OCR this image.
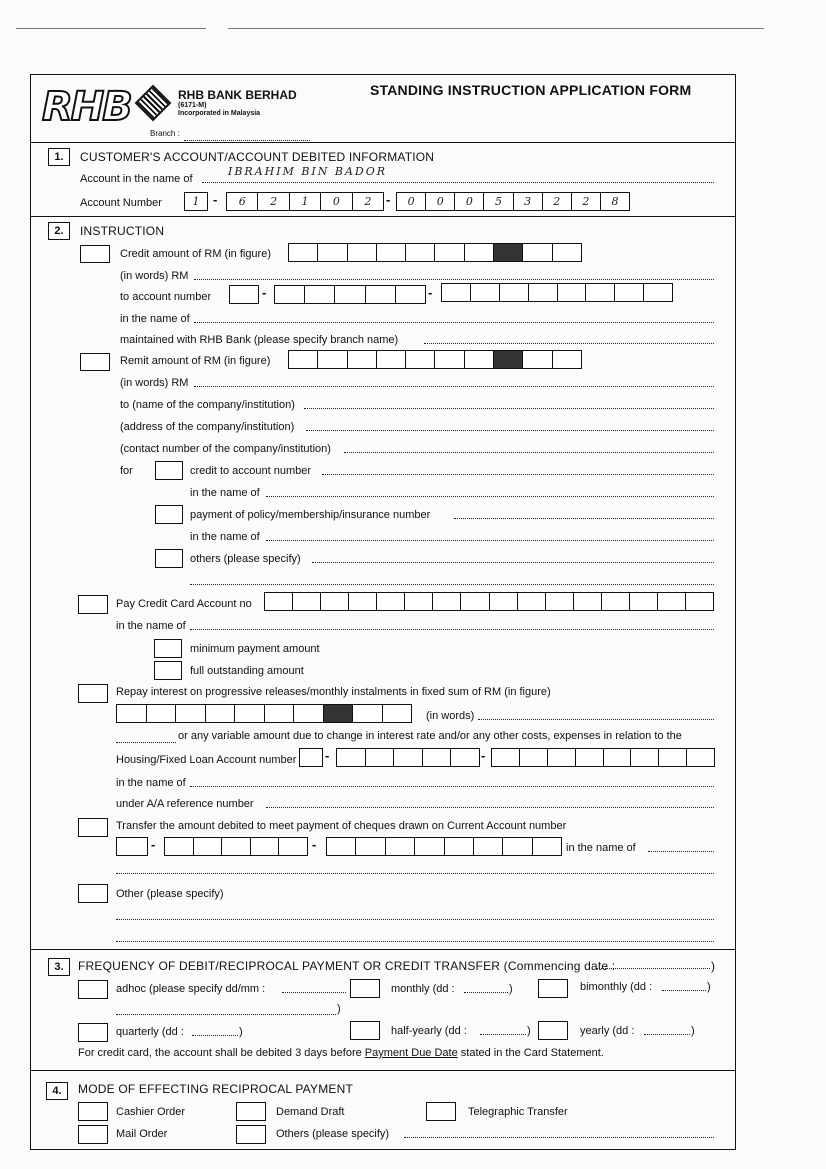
RHB	RHB BANK BERHAD
(6171-M)
Incorporated in Malaysia
Branch :
STANDING INSTRUCTION APPLICATION FORM
1.	CUSTOMER'S ACCOUNT/ACCOUNT DEBITED INFORMATION
Account in the name of
IBRAHIM BIN BADOR
Account Number	1	-	6	2	1	0	2	-	0	0	0	5	3	2	2	8
2.	INSTRUCTION
Credit amount of RM (in figure)
(in words) RM
to account number	-	-
in the name of
maintained with RHB Bank (please specify branch name)
Remit amount of RM (in figure)
(in words) RM
to (name of the company/institution)
(address of the company/institution)
(contact number of the company/institution)
for	credit to account number
in the name of
payment of policy/membership/insurance number
in the name of
others (please specify)
Pay Credit Card Account no
in the name of
minimum payment amount
full outstanding amount
Repay interest on progressive releases/monthly instalments in fixed sum of RM (in figure)
(in words)
or any variable amount due to change in interest rate and/or any other costs, expenses in relation to the
Housing/Fixed Loan Account number -	-
in the name of
under A/A reference number
Transfer the amount debited to meet payment of cheques drawn on Current Account number
-	-	in the name of
Other (please specify)
3.	FREQUENCY OF DEBIT/RECIPROCAL PAYMENT OR CREDIT TRANSFER (Commencing date :	)
adhoc (please specify dd/mm :
)
monthly (dd :	)	bimonthly (dd :	)
quarterly (dd :	)	half-yearly (dd :	)	yearly (dd :	)
For credit card, the account shall be debited 3 days before Payment Due Date stated in the Card Statement.
4.	MODE OF EFFECTING RECIPROCAL PAYMENT
Cashier Order	Demand Draft	Telegraphic Transfer
Mail Order	Others (please specify)
